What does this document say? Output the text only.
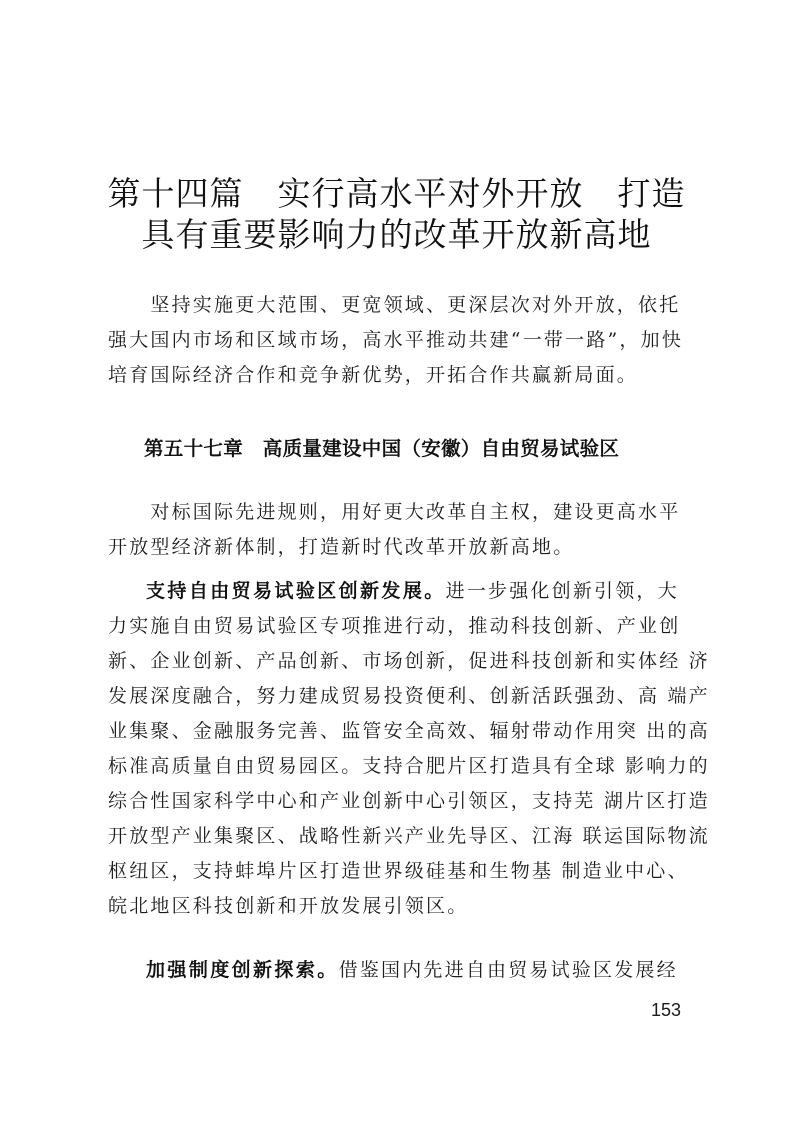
第十四篇　实行高水平对外开放　打造
具有重要影响力的改革开放新高地
　　坚持实施更大范围、更宽领域、更深层次对外开放，依托
强大国内市场和区域市场，高水平推动共建“一带一路”，加快
培育国际经济合作和竞争新优势，开拓合作共赢新局面。
第五十七章　高质量建设中国（安徽）自由贸易试验区
　　对标国际先进规则，用好更大改革自主权，建设更高水平
开放型经济新体制，打造新时代改革开放新高地。
　　支持自由贸易试验区创新发展。进一步强化创新引领，大
力实施自由贸易试验区专项推进行动，推动科技创新、产业创
新、企业创新、产品创新、市场创新，促进科技创新和实体经 济
发展深度融合，努力建成贸易投资便利、创新活跃强劲、高 端产
业集聚、金融服务完善、监管安全高效、辐射带动作用突 出的高
标准高质量自由贸易园区。支持合肥片区打造具有全球 影响力的
综合性国家科学中心和产业创新中心引领区，支持芜 湖片区打造
开放型产业集聚区、战略性新兴产业先导区、江海 联运国际物流
枢纽区，支持蚌埠片区打造世界级硅基和生物基 制造业中心、
皖北地区科技创新和开放发展引领区。
　　加强制度创新探索。借鉴国内先进自由贸易试验区发展经
153
